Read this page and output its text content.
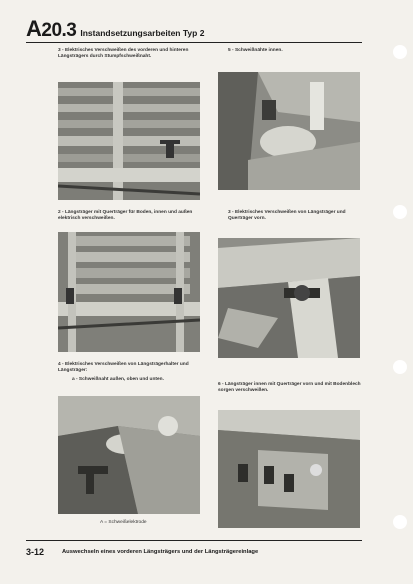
A20.3 Instandsetzungsarbeiten Typ 2
3 - Elektrisches Verschweißen des vorderen und hinteren Längsträgers durch Stumpfschweißnaht.
5 - Schweißnähte innen.
2 - Längsträger mit Querträger für Boden, innen und außen elektrisch verschweißen.
3 - Elektrisches Verschweißen von Längsträger und Querträger vorn.
4 - Elektrisches Verschweißen von Längsträgerhalter und Längsträger:
a - Schweißnaht außen, oben und unten.
6 - Längsträger innen mit Querträger vorn und mit Bodenblech sorgen verschweißen.
A = Schweißelektrode
3-12	Auswechseln eines vorderen Längsträgers und der Längsträgereinlage
